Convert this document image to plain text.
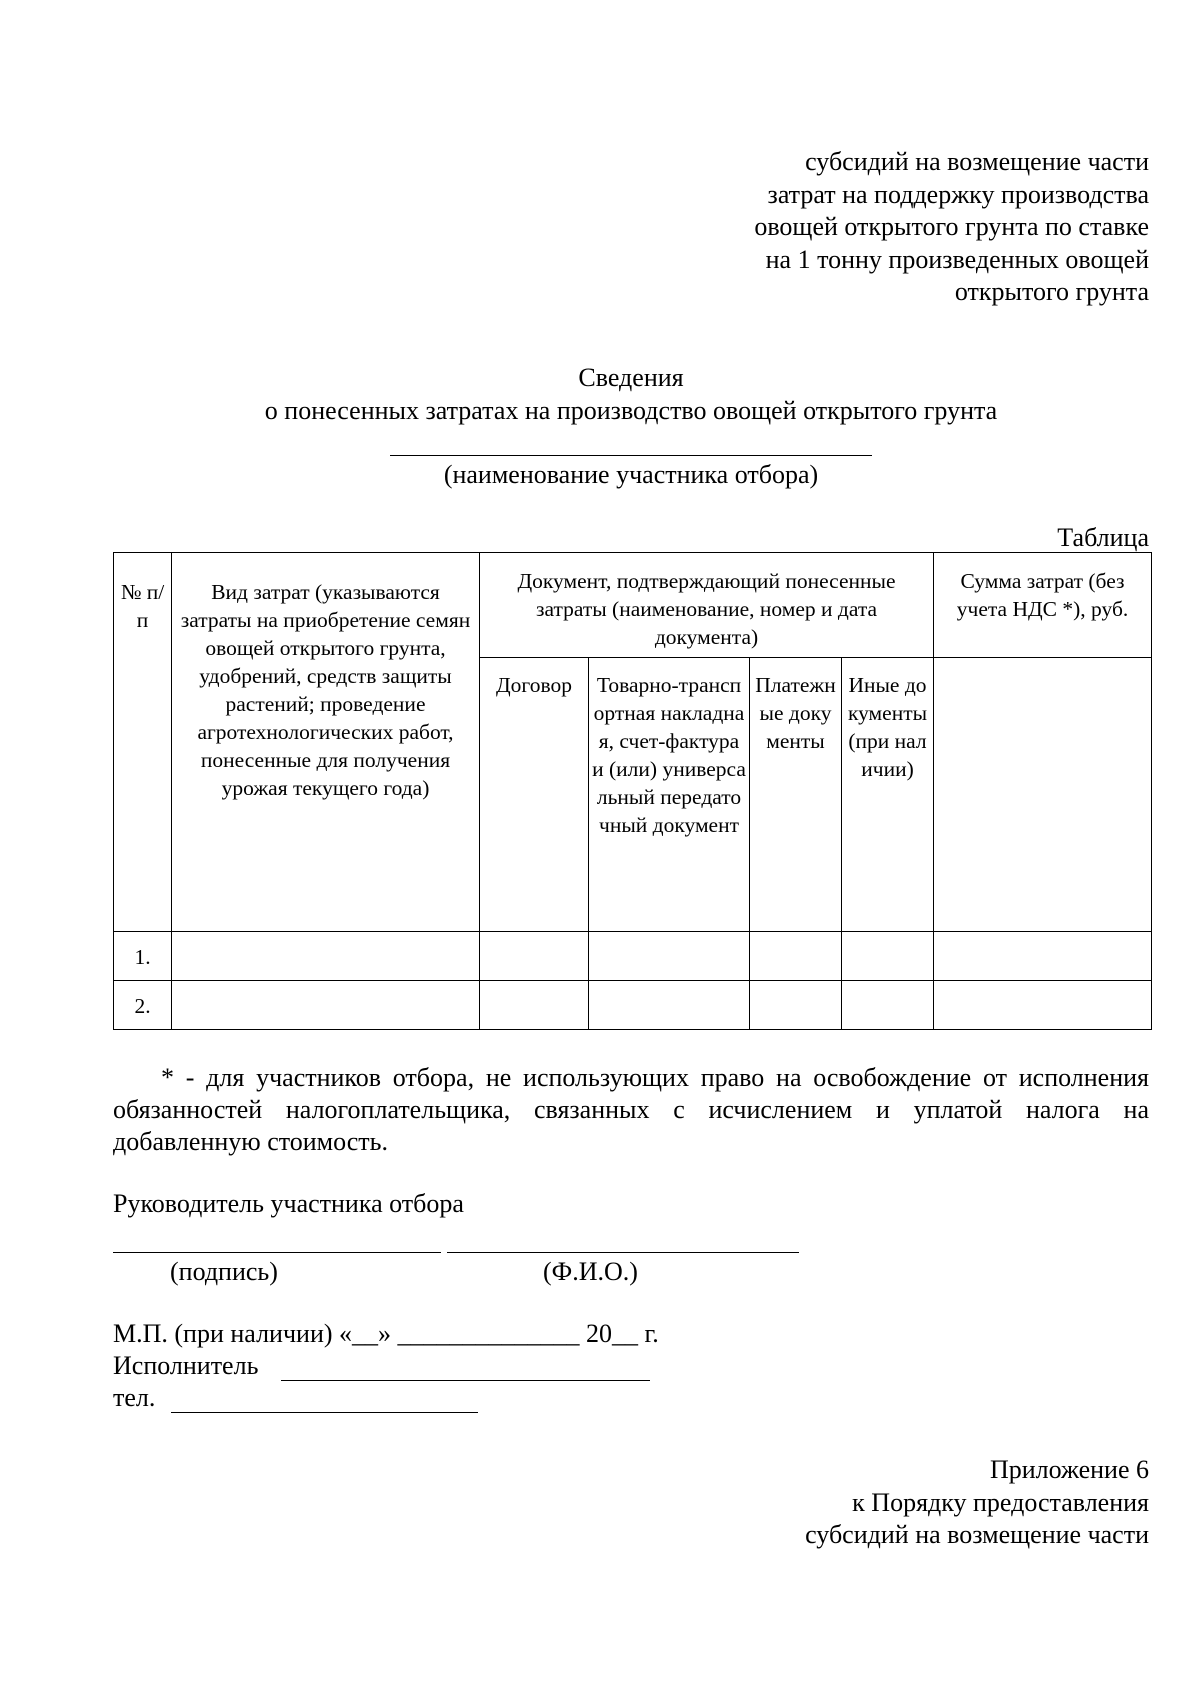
субсидий на возмещение части
затрат на поддержку производства
овощей открытого грунта по ставке
на 1 тонну произведенных овощей
открытого грунта
Сведения
о понесенных затратах на производство овощей открытого грунта
(наименование участника отбора)
Таблица
№ п/п	Вид затрат (указываются затраты на приобретение семян овощей открытого грунта, удобрений, средств защиты растений; проведение агротехнологических работ, понесенные для получения урожая текущего года)	Документ, подтверждающий понесенные затраты (наименование, номер и дата документа)				Сумма затрат (без учета НДС *), руб.
		Договор	Товарно-транспортная накладная, счет-фактура и (или) универсальный передаточный документ	Платежные документы	Иные документы (при наличии)	
1.						
2.						
* - для участников отбора, не использующих право на освобождение от исполнения обязанностей налогоплательщика, связанных с исчислением и уплатой налога на добавленную стоимость.
Руководитель участника отбора
(подпись)	(Ф.И.О.)
М.П. (при наличии) «__» ______________ 20__ г.
Исполнитель
тел.
Приложение 6
к Порядку предоставления
субсидий на возмещение части
